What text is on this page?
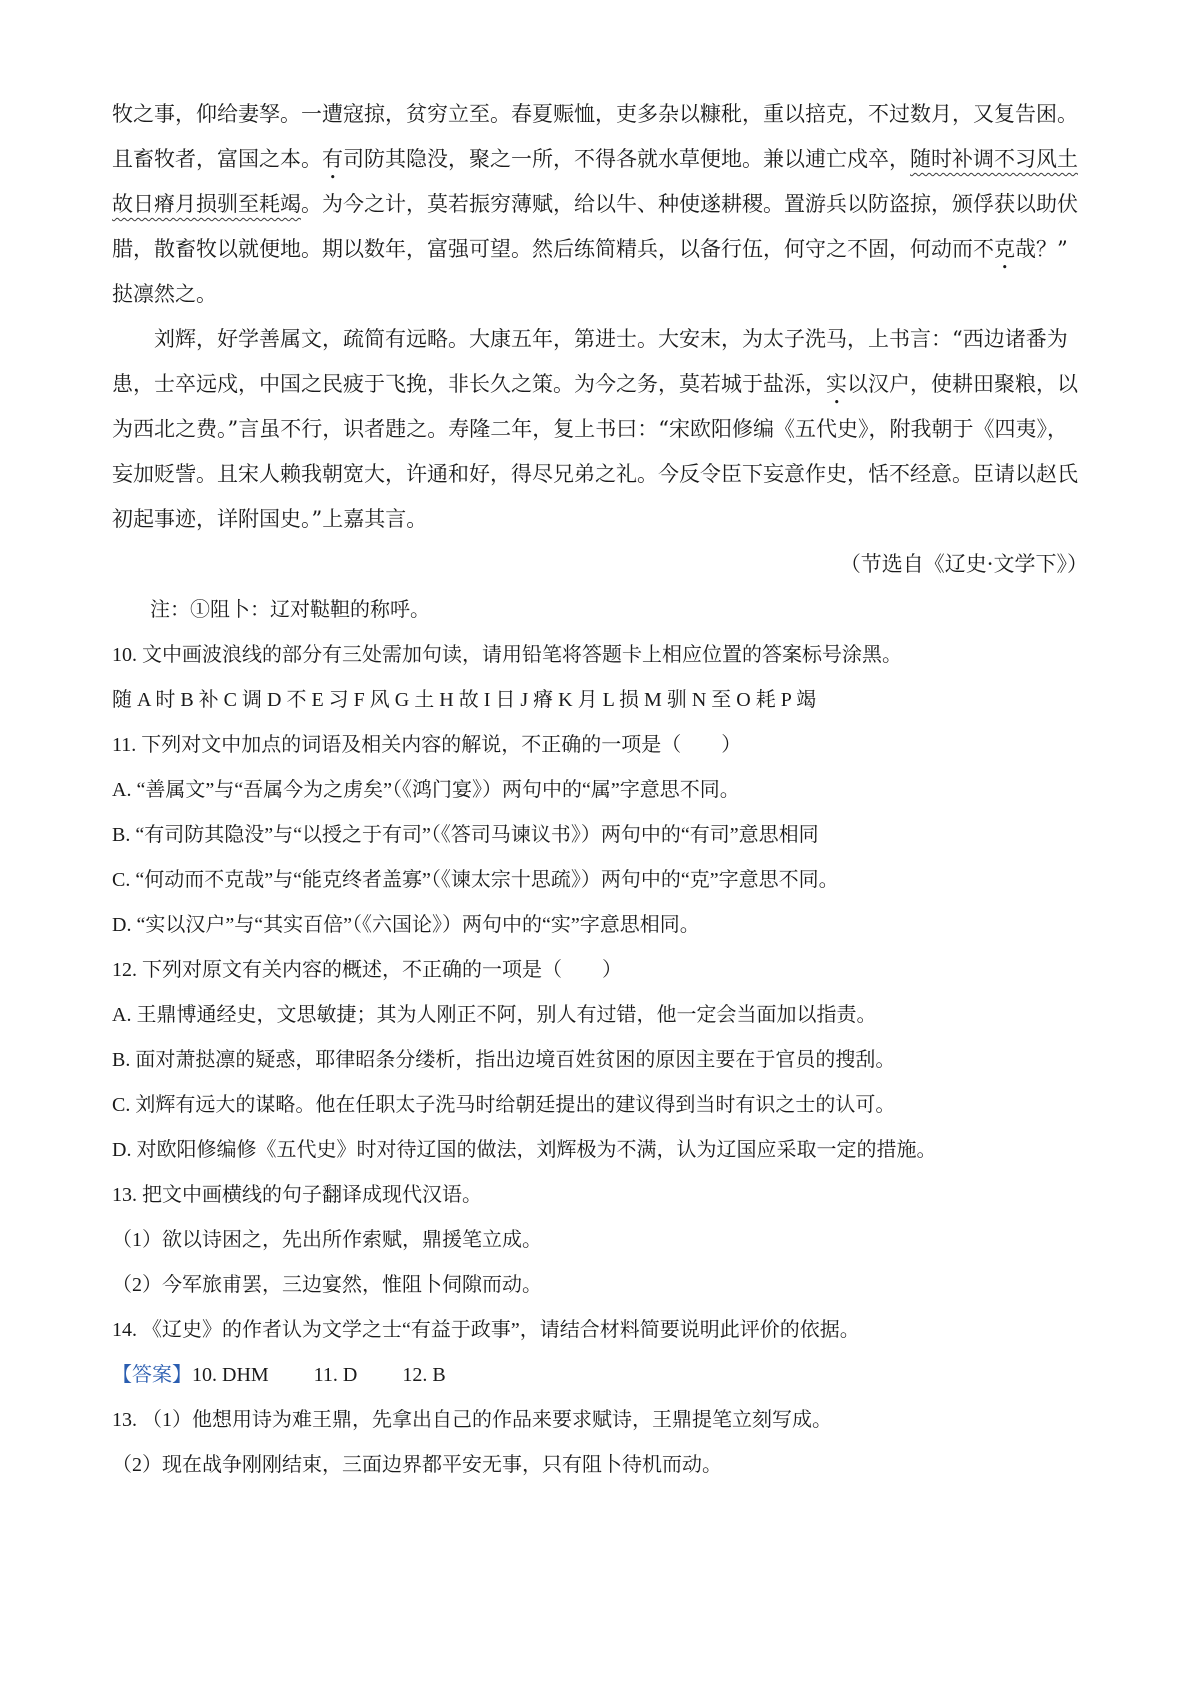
牧之事，仰给妻孥。一遭寇掠，贫穷立至。春夏赈恤，吏多杂以糠秕，重以掊克，不过数月，又复告困。
且畜牧者，富国之本。有司防其隐没，聚之一所，不得各就水草便地。兼以逋亡戍卒，随时补调不习风土
故日瘠月损驯至耗竭。为今之计，莫若振穷薄赋，给以牛、种使遂耕稷。置游兵以防盗掠，颁俘获以助伏
腊，散畜牧以就便地。期以数年，富强可望。然后练简精兵，以备行伍，何守之不固，何动而不克哉？”
挞凛然之。
刘辉，好学善属文，疏简有远略。大康五年，第进士。大安末，为太子洗马，上书言：“西边诸番为
患，士卒远戍，中国之民疲于飞挽，非长久之策。为今之务，莫若城于盐泺，实以汉户，使耕田聚粮，以
为西北之费。”言虽不行，识者韪之。寿隆二年，复上书曰：“宋欧阳修编《五代史》，附我朝于《四夷》，
妄加贬訾。且宋人赖我朝宽大，许通和好，得尽兄弟之礼。今反令臣下妄意作史，恬不经意。臣请以赵氏
初起事迹，详附国史。”上嘉其言。
（节选自《辽史·文学下》）
注：①阻卜：辽对鞑靼的称呼。
10. 文中画波浪线的部分有三处需加句读，请用铅笔将答题卡上相应位置的答案标号涂黑。
随 A 时 B 补 C 调 D 不 E 习 F 风 G 土 H 故 I 日 J 瘠 K 月 L 损 M 驯 N 至 O 耗 P 竭
11. 下列对文中加点的词语及相关内容的解说，不正确的一项是（　　）
A. “善属文”与“吾属今为之虏矣”（《鸿门宴》）两句中的“属”字意思不同。
B. “有司防其隐没”与“以授之于有司”（《答司马谏议书》）两句中的“有司”意思相同
C. “何动而不克哉”与“能克终者盖寡”（《谏太宗十思疏》）两句中的“克”字意思不同。
D. “实以汉户”与“其实百倍”（《六国论》）两句中的“实”字意思相同。
12. 下列对原文有关内容的概述，不正确的一项是（　　）
A. 王鼎博通经史，文思敏捷；其为人刚正不阿，别人有过错，他一定会当面加以指责。
B. 面对萧挞凛的疑惑，耶律昭条分缕析，指出边境百姓贫困的原因主要在于官员的搜刮。
C. 刘辉有远大的谋略。他在任职太子洗马时给朝廷提出的建议得到当时有识之士的认可。
D. 对欧阳修编修《五代史》时对待辽国的做法，刘辉极为不满，认为辽国应采取一定的措施。
13. 把文中画横线的句子翻译成现代汉语。
（1）欲以诗困之，先出所作索赋，鼎援笔立成。
（2）今军旅甫罢，三边宴然，惟阻卜伺隙而动。
14. 《辽史》的作者认为文学之士“有益于政事”，请结合材料简要说明此评价的依据。
【答案】10. DHM　　 11. D　　 12. B
13. （1）他想用诗为难王鼎，先拿出自己的作品来要求赋诗，王鼎提笔立刻写成。
（2）现在战争刚刚结束，三面边界都平安无事，只有阻卜待机而动。
